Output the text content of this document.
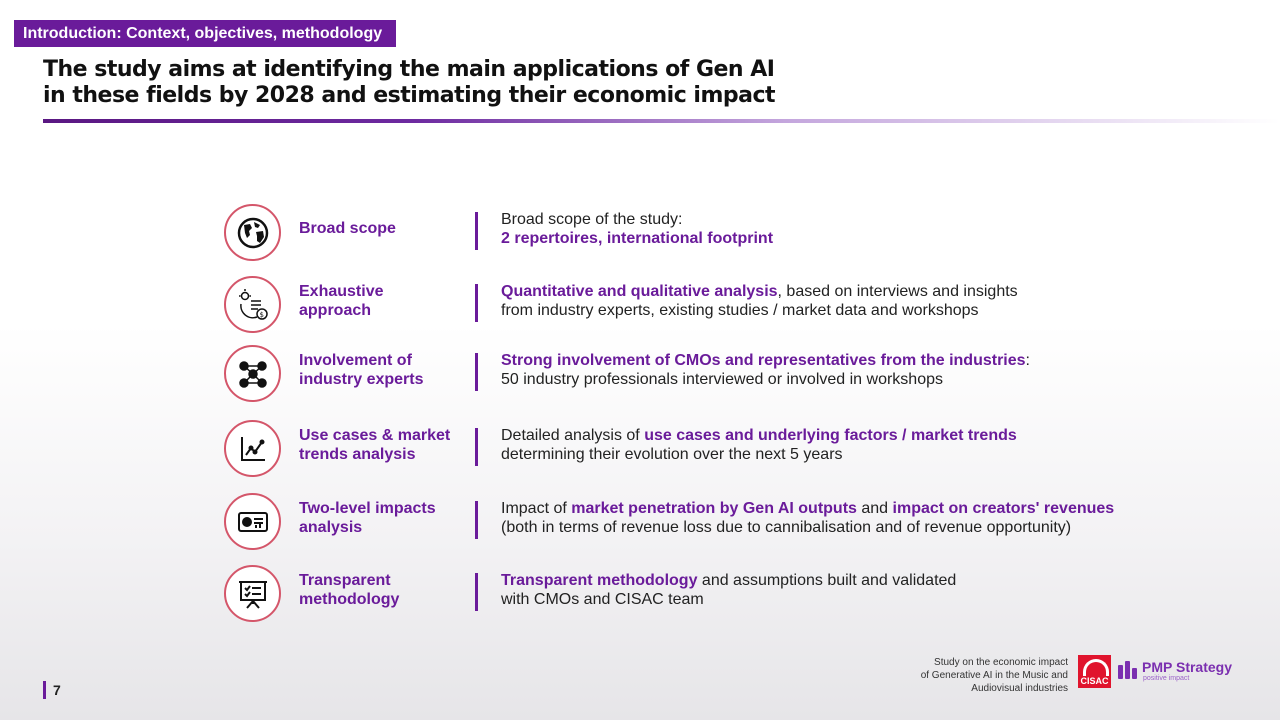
Introduction: Context, objectives, methodology
The study aims at identifying the main applications of Gen AI
in these fields by 2028 and estimating their economic impact
Broad scope
Broad scope of the study:
2 repertoires, international footprint
$
Exhaustive
approach
Quantitative and qualitative analysis, based on interviews and insights
from industry experts, existing studies / market data and workshops
Involvement of
industry experts
Strong involvement of CMOs and representatives from the industries:
50 industry professionals interviewed or involved in workshops
Use cases & market
trends analysis
Detailed analysis of use cases and underlying factors / market trends
determining their evolution over the next 5 years
Two-level impacts
analysis
Impact of market penetration by Gen AI outputs and impact on creators' revenues
(both in terms of revenue loss due to cannibalisation and of revenue opportunity)
Transparent
methodology
Transparent methodology and assumptions built and validated
with CMOs and CISAC team
7
Study on the economic impact
of Generative AI in the Music and
Audiovisual industries
CISAC
PMP Strategy
positive impact
